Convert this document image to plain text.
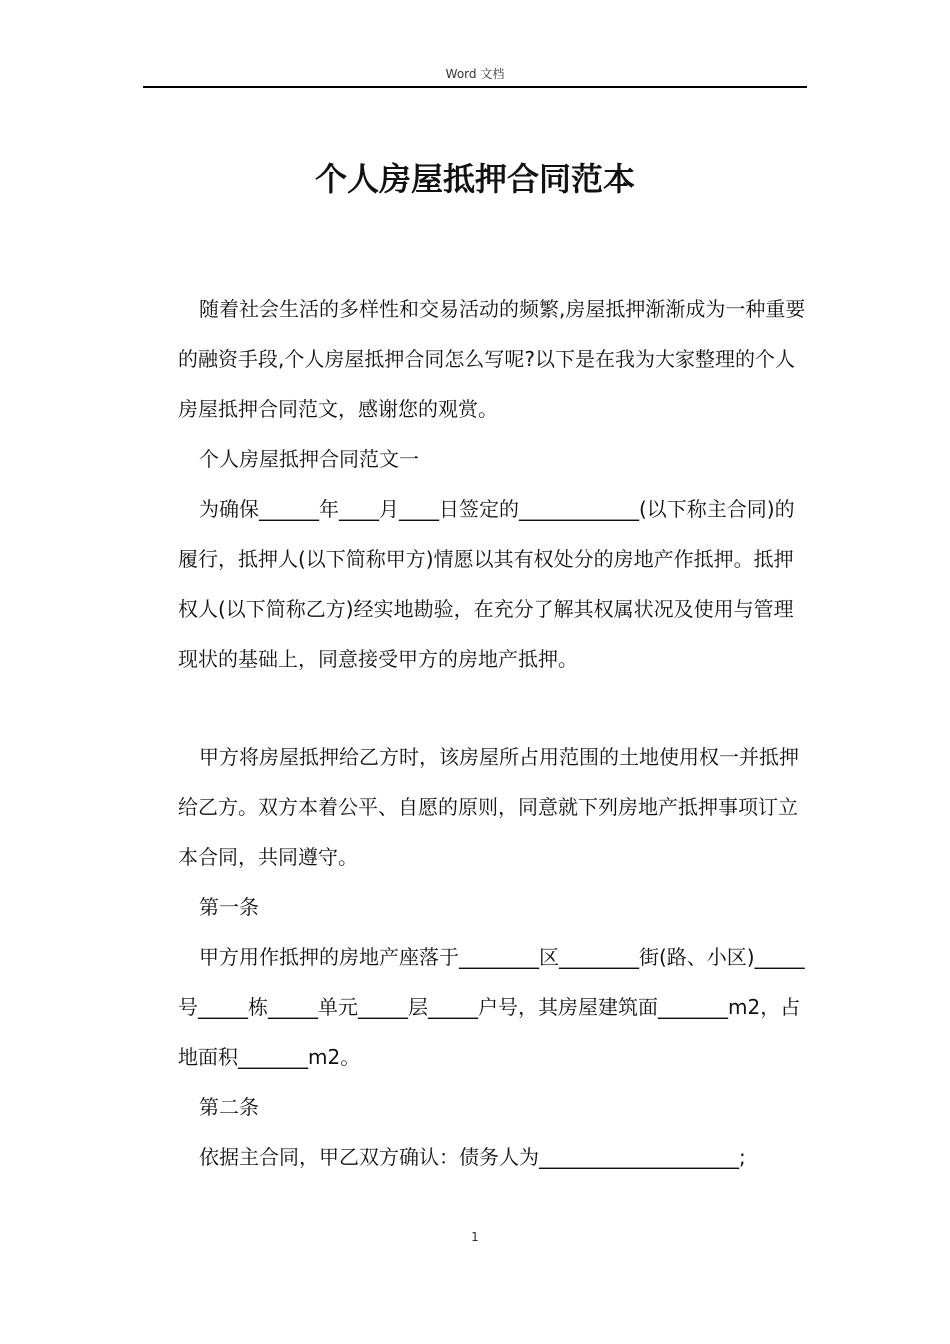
Word 文档
个人房屋抵押合同范本

随着社会生活的多样性和交易活动的频繁,房屋抵押渐渐成为一种重要的融资手段,个人房屋抵押合同怎么写呢?以下是在我为大家整理的个人房屋抵押合同范文，感谢您的观赏。

个人房屋抵押合同范文一

为确保______年____月____日签定的____________(以下称主合同)的履行，抵押人(以下简称甲方)情愿以其有权处分的房地产作抵押。抵押权人(以下简称乙方)经实地勘验，在充分了解其权属状况及使用与管理现状的基础上，同意接受甲方的房地产抵押。

甲方将房屋抵押给乙方时，该房屋所占用范围的土地使用权一并抵押给乙方。双方本着公平、自愿的原则，同意就下列房地产抵押事项订立本合同，共同遵守。

第一条

甲方用作抵押的房地产座落于________区________街(路、小区)_____号_____栋_____单元_____层_____户号，其房屋建筑面_______m2，占地面积_______m2。

第二条

依据主合同，甲乙双方确认：债务人为____________________;

1
